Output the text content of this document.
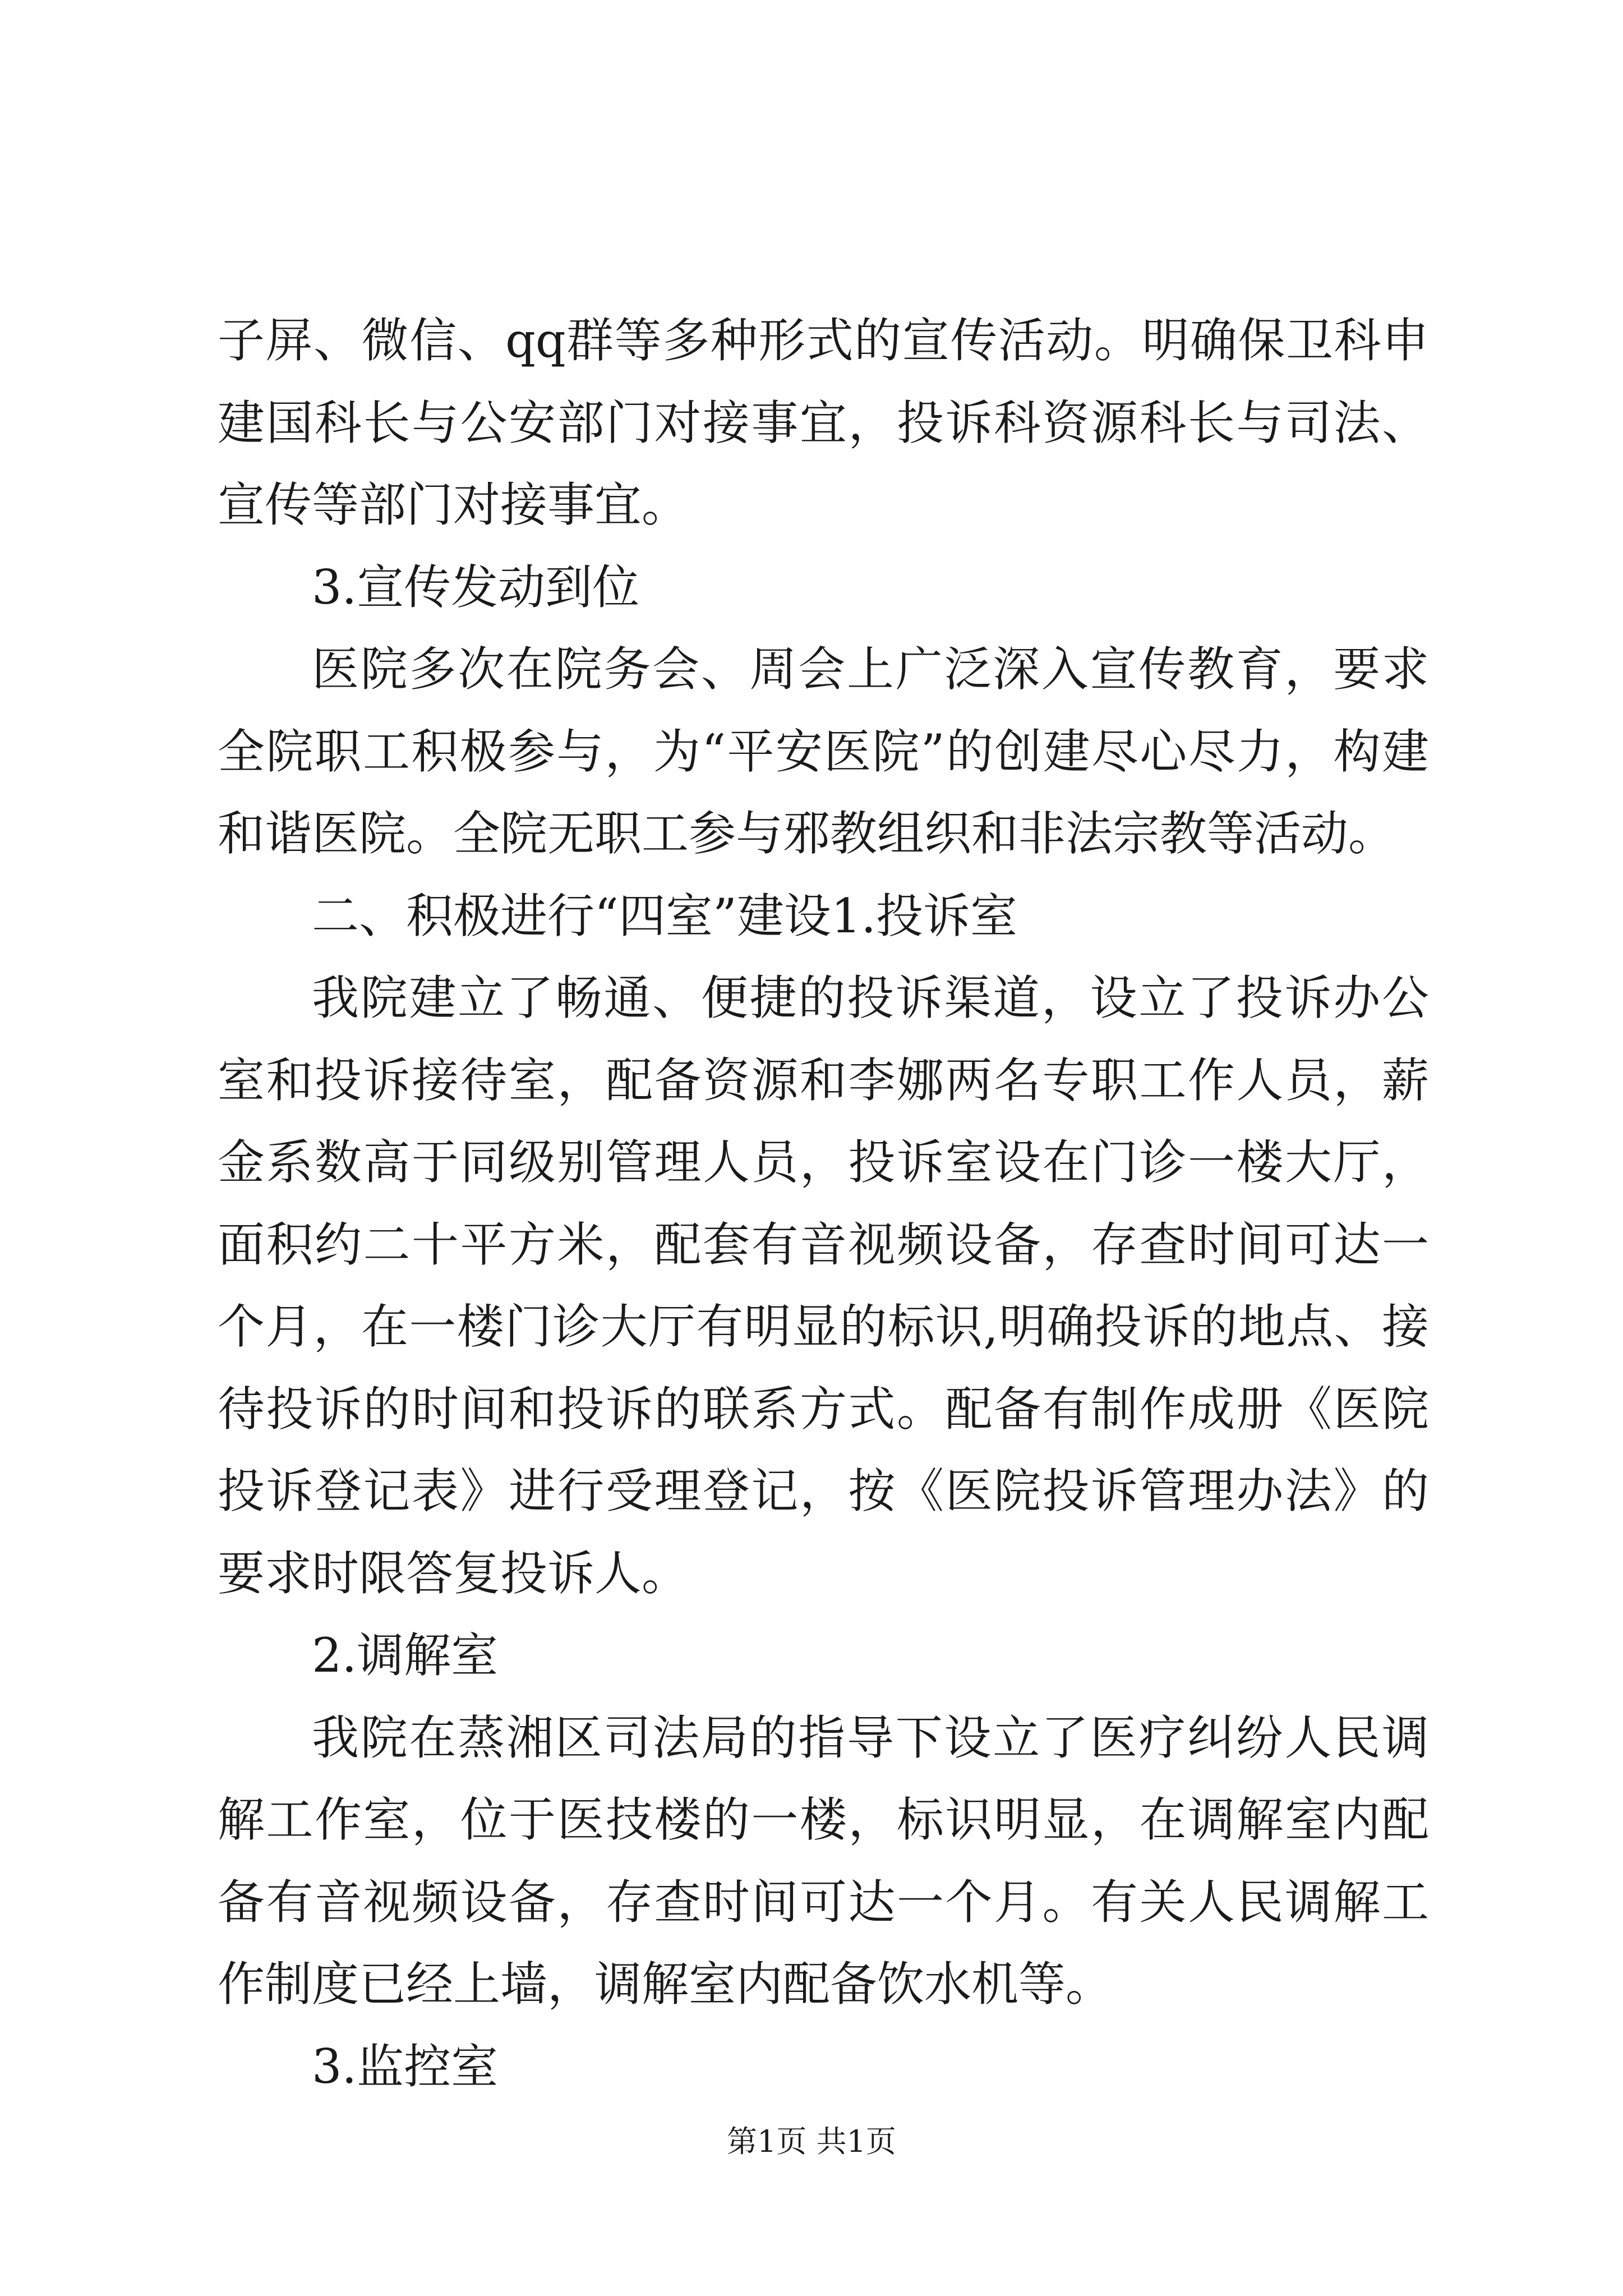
子屏、微信、qq群等多种形式的宣传活动。明确保卫科申建国科长与公安部门对接事宜，投诉科资源科长与司法、宣传等部门对接事宜。

3.宣传发动到位

医院多次在院务会、周会上广泛深入宣传教育，要求全院职工积极参与，为“平安医院”的创建尽心尽力，构建和谐医院。全院无职工参与邪教组织和非法宗教等活动。

二、积极进行“四室”建设1.投诉室

我院建立了畅通、便捷的投诉渠道，设立了投诉办公室和投诉接待室，配备资源和李娜两名专职工作人员，薪金系数高于同级别管理人员，投诉室设在门诊一楼大厅，面积约二十平方米，配套有音视频设备，存查时间可达一个月，在一楼门诊大厅有明显的标识,明确投诉的地点、接待投诉的时间和投诉的联系方式。配备有制作成册《医院投诉登记表》进行受理登记，按《医院投诉管理办法》的要求时限答复投诉人。

2.调解室

我院在蒸湘区司法局的指导下设立了医疗纠纷人民调解工作室，位于医技楼的一楼，标识明显，在调解室内配备有音视频设备，存查时间可达一个月。有关人民调解工作制度已经上墙，调解室内配备饮水机等。

3.监控室

第1页 共1页
